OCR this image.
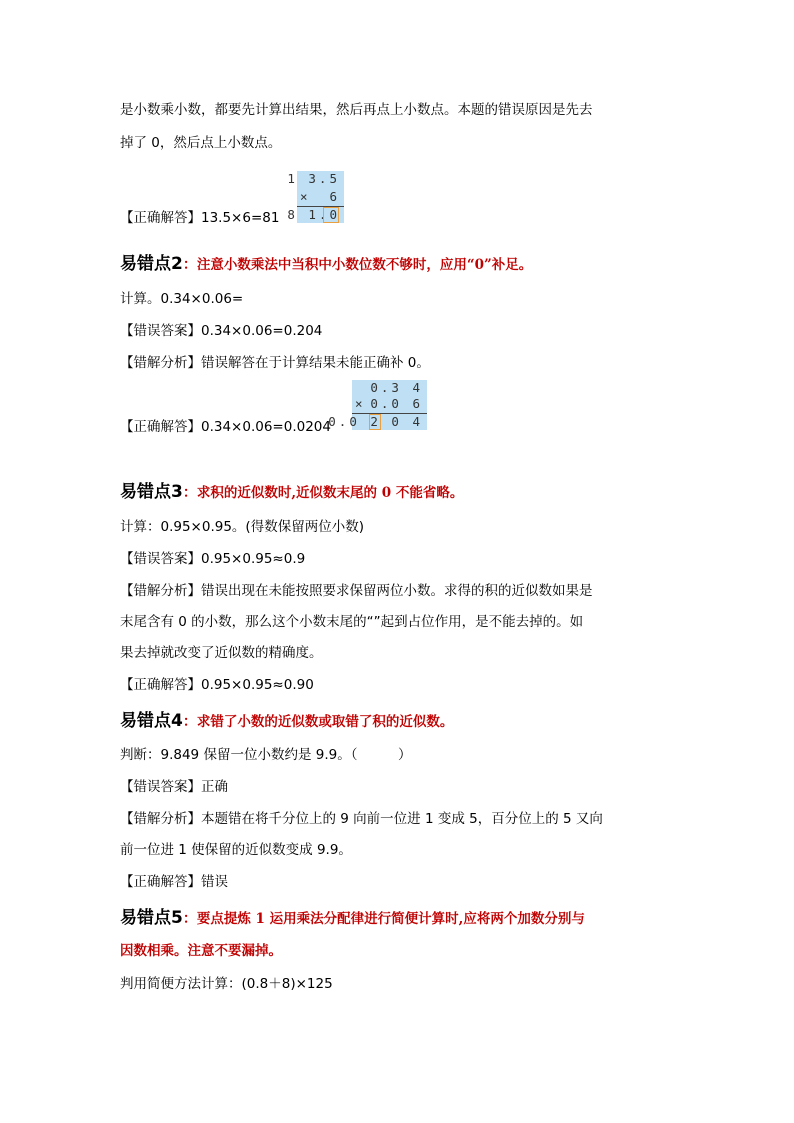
是小数乘小数，都要先计算出结果，然后再点上小数点。本题的错误原因是先去
掉了 0，然后点上小数点。
1 3.5
× 6
8 1.0
【正确解答】13.5×6=81
易错点2：注意小数乘法中当积中小数位数不够时，应用“0”补足。
计算。0.34×0.06=
【错误答案】0.34×0.06=0.204
【错解分析】错误解答在于计算结果未能正确补 0。
0.3 4
× 0.0 6
0.0 2 0 4
【正确解答】0.34×0.06=0.0204
易错点3：求积的近似数时,近似数末尾的 0 不能省略。
计算：0.95×0.95。(得数保留两位小数)
【错误答案】0.95×0.95≈0.9
【错解分析】错误出现在未能按照要求保留两位小数。求得的积的近似数如果是
末尾含有 0 的小数，那么这个小数末尾的“”起到占位作用，是不能去掉的。如
果去掉就改变了近似数的精确度。
【正确解答】0.95×0.95≈0.90
易错点4：求错了小数的近似数或取错了积的近似数。
判断：9.849 保留一位小数约是 9.9。（　　　）
【错误答案】正确
【错解分析】本题错在将千分位上的 9 向前一位进 1 变成 5，百分位上的 5 又向
前一位进 1 使保留的近似数变成 9.9。
【正确解答】错误
易错点5：要点提炼 1 运用乘法分配律进行简便计算时,应将两个加数分别与
因数相乘。注意不要漏掉。
判用简便方法计算：(0.8＋8)×125
